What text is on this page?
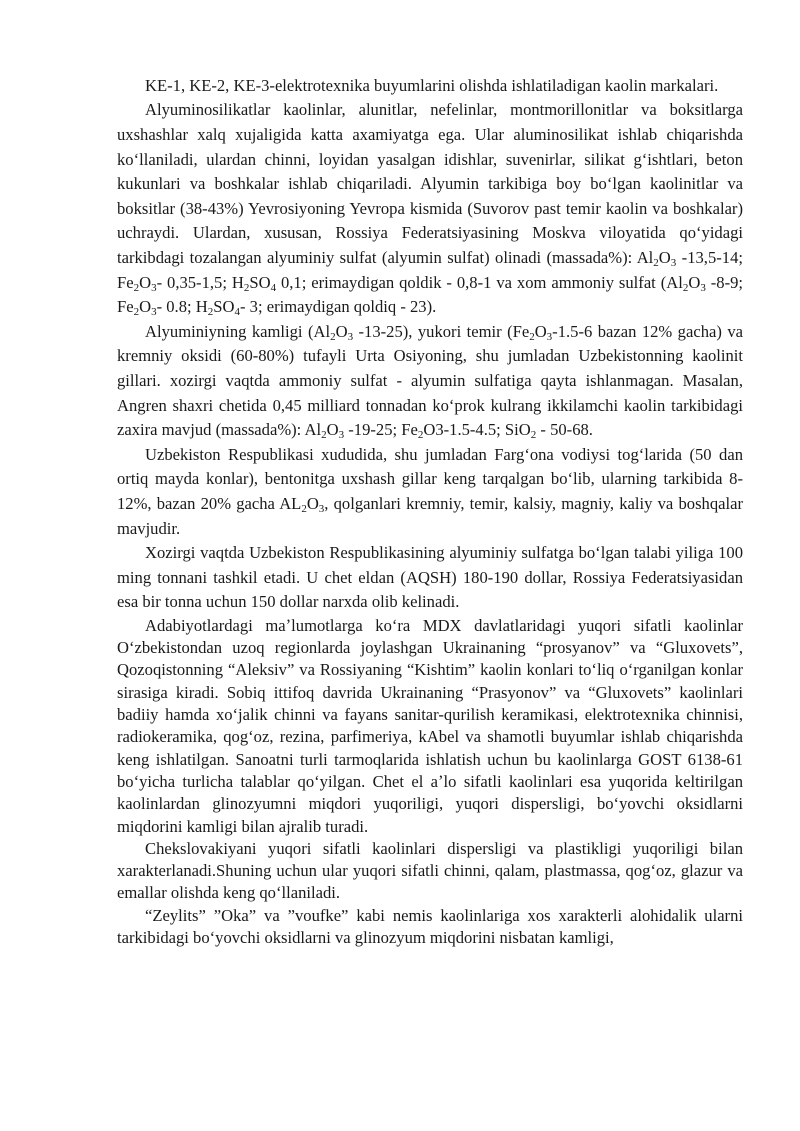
KE-1, KE-2, KE-3-elektrotexnika buyumlarini olishda ishlatiladigan kaolin markalari.

Alyuminosilikatlar kaolinlar, alunitlar, nefelinlar, montmorillonitlar va boksitlarga uxshashlar xalq xujaligida katta axamiyatga ega. Ular aluminosilikat ishlab chiqarishda koʻllaniladi, ulardan chinni, loyidan yasalgan idishlar, suvenirlar, silikat gʻishtlari, beton kukunlari va boshkalar ishlab chiqariladi. Alyumin tarkibiga boy boʻlgan kaolinitlar va boksitlar (38-43%) Yevrosiyoning Yevropa kismida (Suvorov past temir kaolin va boshkalar) uchraydi. Ulardan, xususan, Rossiya Federatsiyasining Moskva viloyatida qoʻyidagi tarkibdagi tozalangan alyuminiy sulfat (alyumin sulfat) olinadi (massada%): $Al_2O_3$ -13,5-14; $Fe_2O_3-$ 0,35-1,5; $H_2SO_4$ 0,1; erimaydigan qoldik - 0,8-1 va xom ammoniy sulfat ($Al_2O_3$ -8-9; $Fe_2O_3-$ 0.8; $H_2SO_4-$ 3; erimaydigan qoldiq - 23).

Alyuminiyning kamligi ($Al_2O_3$ -13-25), yukori temir ($Fe_2O_3-1.5-6$ bazan 12% gacha) va kremniy oksidi (60-80%) tufayli Urta Osiyoning, shu jumladan Uzbekistonning kaolinit gillari. xozirgi vaqtda ammoniy sulfat - alyumin sulfatiga qayta ishlanmagan. Masalan, Angren shaxri chetida 0,45 milliard tonnadan koʻprok kulrang ikkilamchi kaolin tarkibidagi zaxira mavjud (massada%): $Al_2O_3$ -19-25; $Fe_2O3-1.5-4.5$; SiO$_2$ - 50-68.

Uzbekiston Respublikasi xududida, shu jumladan Fargʻona vodiysi togʻlarida (50 dan ortiq mayda konlar), bentonitga uxshash gillar keng tarqalgan boʻlib, ularning tarkibida 8-12%, bazan 20% gacha $AL_2O_3$, qolganlari kremniy, temir, kalsiy, magniy, kaliy va boshqalar mavjudir.

Xozirgi vaqtda Uzbekiston Respublikasining alyuminiy sulfatga boʻlgan talabi yiliga 100 ming tonnani tashkil etadi. U chet eldan (AQSH) 180-190 dollar, Rossiya Federatsiyasidan esa bir tonna uchun 150 dollar narxda olib kelinadi.

Adabiyotlardagi maʼlumotlarga koʻra MDX davlatlaridagi yuqori sifatli kaolinlar Oʻzbekistondan uzoq regionlarda joylashgan Ukrainaning “prosyanov” va “Gluxovets”, Qozoqistonning “Aleksiv” va Rossiyaning “Kishtim” kaolin konlari toʻliq oʻrganilgan konlar sirasiga kiradi. Sobiq ittifoq davrida Ukrainaning “Prasyonov” va “Gluxovets” kaolinlari badiiy hamda xoʻjalik chinni va fayans sanitar-qurilish keramikasi, elektrotexnika chinnisi, radiokeramika, qogʻoz, rezina, parfimeriya, kAbel va shamotli buyumlar ishlab chiqarishda keng ishlatilgan. Sanoatni turli tarmoqlarida ishlatish uchun bu kaolinlarga GOST 6138-61 boʻyicha turlicha talablar qoʻyilgan. Chet el aʼlo sifatli kaolinlari esa yuqorida keltirilgan kaolinlardan glinozyumni miqdori yuqoriligi, yuqori dispersligi, boʻyovchi oksidlarni miqdorini kamligi bilan ajralib turadi.

Chekslovakiyani yuqori sifatli kaolinlari dispersligi va plastikligi yuqoriligi bilan xarakterlanadi.Shuning uchun ular yuqori sifatli chinni, qalam, plastmassa, qogʻoz, glazur va emallar olishda keng qoʻllaniladi.

“Zeylits” ”Oka” va ”voufke” kabi nemis kaolinlariga xos xarakterli alohidalik ularni tarkibidagi boʻyovchi oksidlarni va glinozyum miqdorini nisbatan kamligi,
